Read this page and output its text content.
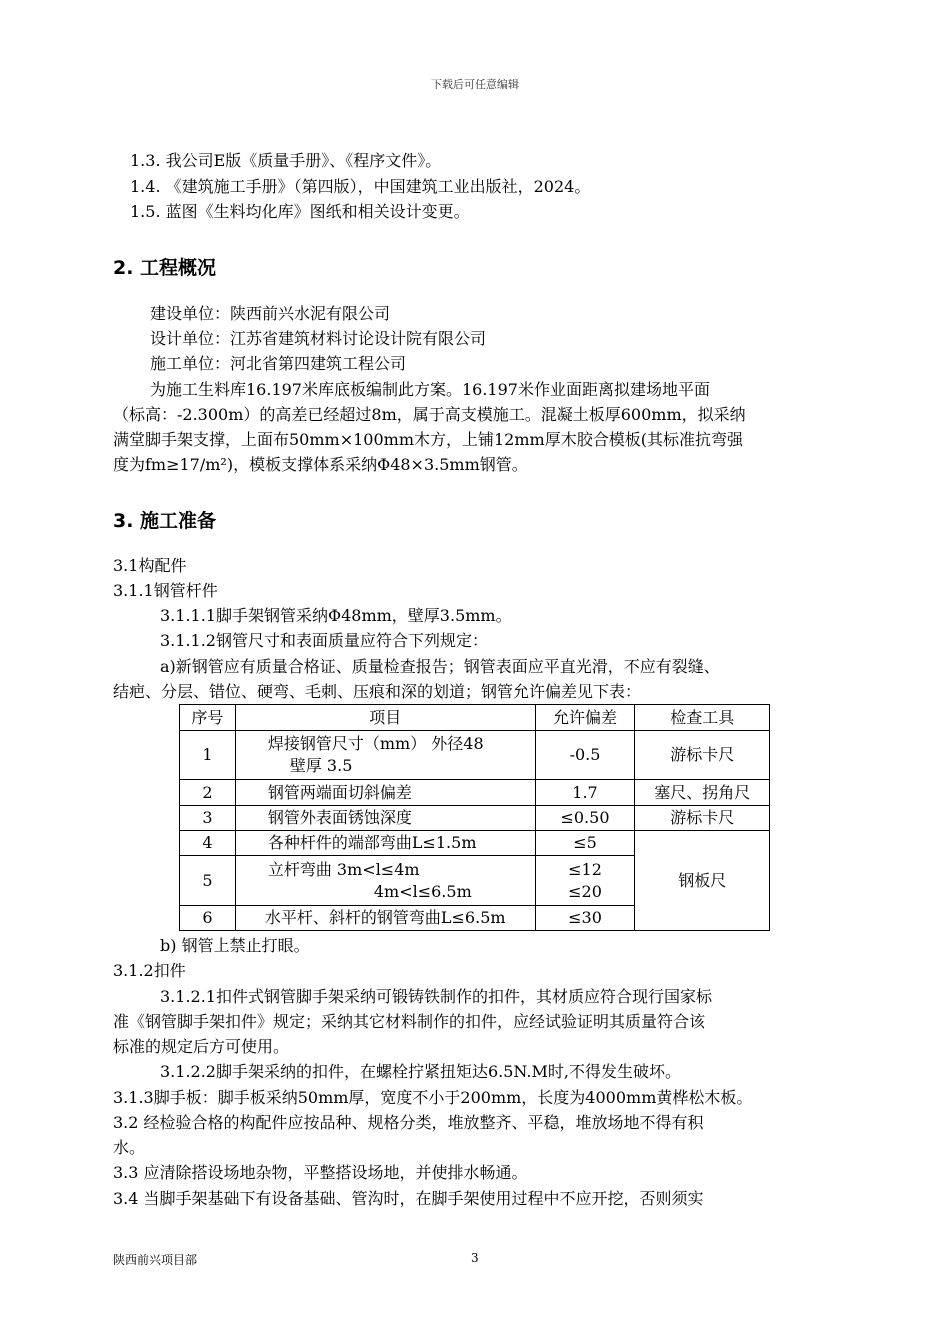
下载后可任意编辑
1.3. 我公司E版《质量手册》、《程序文件》。
1.4. 《建筑施工手册》（第四版），中国建筑工业出版社，2024。
1.5. 蓝图《生料均化库》图纸和相关设计变更。
2. 工程概况
建设单位：陕西前兴水泥有限公司
设计单位：江苏省建筑材料讨论设计院有限公司
施工单位：河北省第四建筑工程公司
为施工生料库16.197米库底板编制此方案。16.197米作业面距离拟建场地平面
（标高：-2.300m）的高差已经超过8m，属于高支模施工。混凝土板厚600mm，拟采纳
满堂脚手架支撑，上面布50mm×100mm木方，上铺12mm厚木胶合模板(其标准抗弯强
度为fm≥17/m²)，模板支撑体系采纳Φ48×3.5mm钢管。
3. 施工准备
3.1构配件
3.1.1钢管杆件
3.1.1.1脚手架钢管采纳Φ48mm，壁厚3.5mm。
3.1.1.2钢管尺寸和表面质量应符合下列规定：
a)新钢管应有质量合格证、质量检查报告；钢管表面应平直光滑，不应有裂缝、
结疤、分层、错位、硬弯、毛刺、压痕和深的划道；钢管允许偏差见下表：
序号	项目	允许偏差	检查工具
1	焊接钢管尺寸（mm） 外径48
壁厚 3.5	-0.5	游标卡尺
2	钢管两端面切斜偏差	1.7	塞尺、拐角尺
3	钢管外表面锈蚀深度	≤0.50	游标卡尺
4	各种杆件的端部弯曲L≤1.5m	≤5	钢板尺
5	立杆弯曲 3m<l≤4m
4m<l≤6.5m	≤12
≤20	

6	水平杆、斜杆的钢管弯曲L≤6.5m	≤30	
b) 钢管上禁止打眼。
3.1.2扣件
3.1.2.1扣件式钢管脚手架采纳可锻铸铁制作的扣件，其材质应符合现行国家标
准《钢管脚手架扣件》规定；采纳其它材料制作的扣件，应经试验证明其质量符合该
标准的规定后方可使用。
3.1.2.2脚手架采纳的扣件，在螺栓拧紧扭矩达6.5N.M时,不得发生破坏。
3.1.3脚手板：脚手板采纳50mm厚，宽度不小于200mm，长度为4000mm黄桦松木板。
3.2 经检验合格的构配件应按品种、规格分类，堆放整齐、平稳，堆放场地不得有积
水。
3.3 应清除搭设场地杂物，平整搭设场地，并使排水畅通。
3.4 当脚手架基础下有设备基础、管沟时，在脚手架使用过程中不应开挖，否则须实
陕西前兴项目部	3
